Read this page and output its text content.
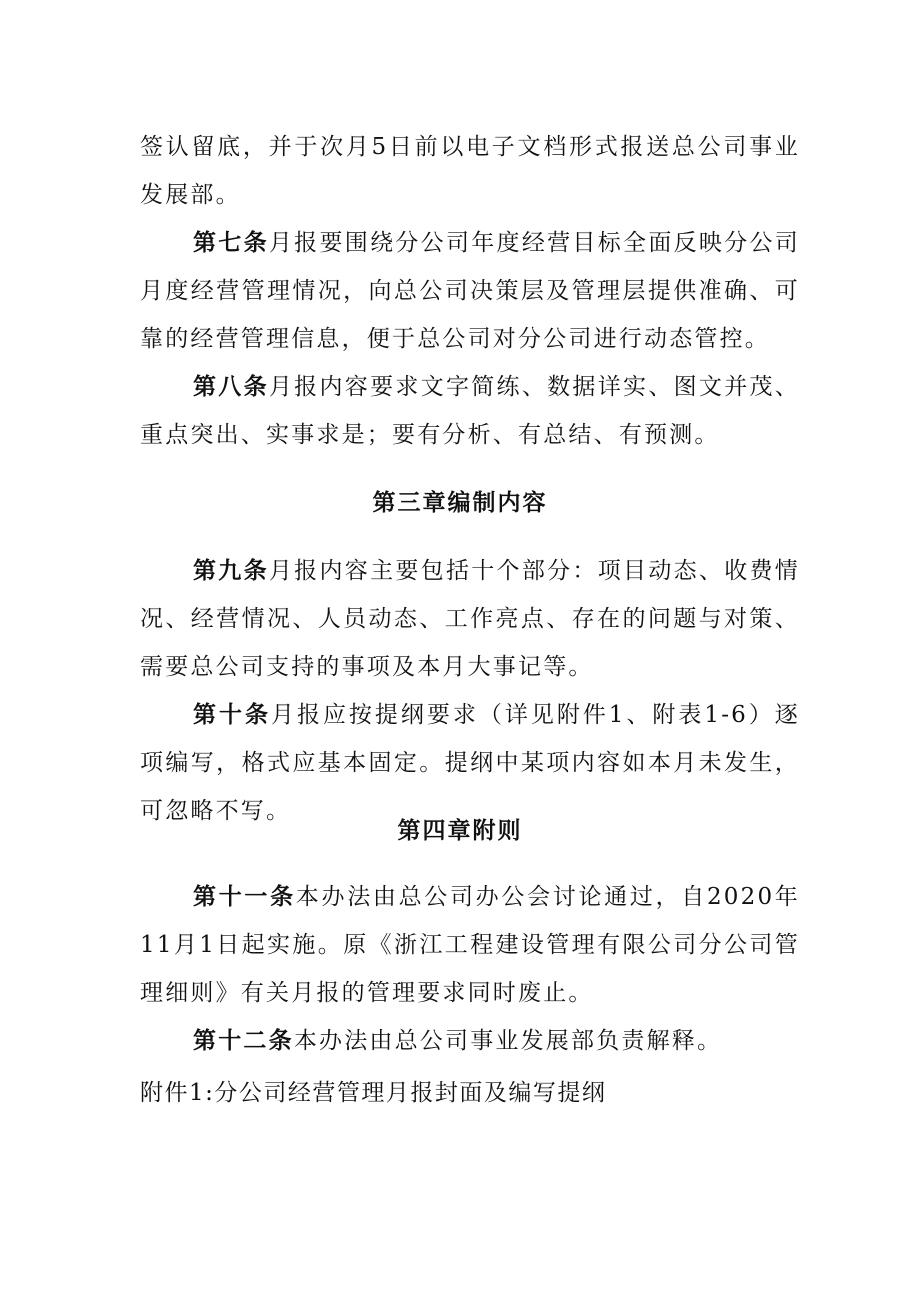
签认留底，并于次月5日前以电子文档形式报送总公司事业发展部。

第七条月报要围绕分公司年度经营目标全面反映分公司月度经营管理情况，向总公司决策层及管理层提供准确、可靠的经营管理信息，便于总公司对分公司进行动态管控。

第八条月报内容要求文字简练、数据详实、图文并茂、重点突出、实事求是；要有分析、有总结、有预测。

第三章编制内容

第九条月报内容主要包括十个部分：项目动态、收费情况、经营情况、人员动态、工作亮点、存在的问题与对策、需要总公司支持的事项及本月大事记等。

第十条月报应按提纲要求（详见附件1、附表1-6）逐项编写，格式应基本固定。提纲中某项内容如本月未发生，可忽略不写。

第四章附则

第十一条本办法由总公司办公会讨论通过，自2020年11月1日起实施。原《浙江工程建设管理有限公司分公司管理细则》有关月报的管理要求同时废止。

第十二条本办法由总公司事业发展部负责解释。

附件1:分公司经营管理月报封面及编写提纲
